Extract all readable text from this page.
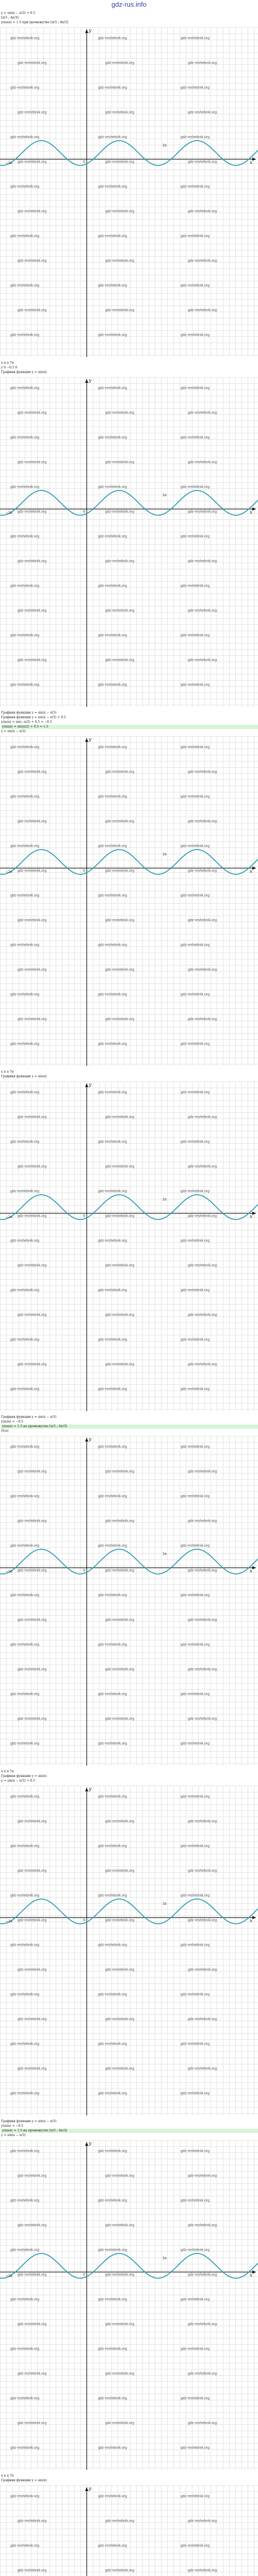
gdz-rus.info
y = sin(x − π/3) + 0.5
[π/3 ; 4π/3]
y(max) = 1.5 при промежутке [π/3 ; 4π/3]
x
y
0
2π
−2π
gdz-reshebnik.org	gdz-reshebnik.org	gdz-reshebnik.org
gdz-reshebnik.org	gdz-reshebnik.org	gdz-reshebnik.org
gdz-reshebnik.org	gdz-reshebnik.org	gdz-reshebnik.org
gdz-reshebnik.org	gdz-reshebnik.org	gdz-reshebnik.org
gdz-reshebnik.org	gdz-reshebnik.org	gdz-reshebnik.org
gdz-reshebnik.org	gdz-reshebnik.org	gdz-reshebnik.org
gdz-reshebnik.org	gdz-reshebnik.org	gdz-reshebnik.org
gdz-reshebnik.org	gdz-reshebnik.org	gdz-reshebnik.org
gdz-reshebnik.org	gdz-reshebnik.org	gdz-reshebnik.org
gdz-reshebnik.org	gdz-reshebnik.org	gdz-reshebnik.org
gdz-reshebnik.org	gdz-reshebnik.org	gdz-reshebnik.org
gdz-reshebnik.org	gdz-reshebnik.org	gdz-reshebnik.org
gdz-reshebnik.org	gdz-reshebnik.org	gdz-reshebnik.org
x π π 7π
y 0 −0.5 0
Графики функции y = sin(x)
x
y
0
2π
−2π
gdz-reshebnik.org	gdz-reshebnik.org	gdz-reshebnik.org
gdz-reshebnik.org	gdz-reshebnik.org	gdz-reshebnik.org
gdz-reshebnik.org	gdz-reshebnik.org	gdz-reshebnik.org
gdz-reshebnik.org	gdz-reshebnik.org	gdz-reshebnik.org
gdz-reshebnik.org	gdz-reshebnik.org	gdz-reshebnik.org
gdz-reshebnik.org	gdz-reshebnik.org	gdz-reshebnik.org
gdz-reshebnik.org	gdz-reshebnik.org	gdz-reshebnik.org
gdz-reshebnik.org	gdz-reshebnik.org	gdz-reshebnik.org
gdz-reshebnik.org	gdz-reshebnik.org	gdz-reshebnik.org
gdz-reshebnik.org	gdz-reshebnik.org	gdz-reshebnik.org
gdz-reshebnik.org	gdz-reshebnik.org	gdz-reshebnik.org
gdz-reshebnik.org	gdz-reshebnik.org	gdz-reshebnik.org
gdz-reshebnik.org	gdz-reshebnik.org	gdz-reshebnik.org
Графики функции y = sin(x − π/3)
Графики функции y = sin(x − π/3) + 0.5
y(min) = sin(−π/2) + 0.5 = −0.5
y(max) = sin(π/2) + 0.5 = 1.5
y = sin(x − π/3)
x
y
0
2π
−2π
gdz-reshebnik.org	gdz-reshebnik.org	gdz-reshebnik.org
gdz-reshebnik.org	gdz-reshebnik.org	gdz-reshebnik.org
gdz-reshebnik.org	gdz-reshebnik.org	gdz-reshebnik.org
gdz-reshebnik.org	gdz-reshebnik.org	gdz-reshebnik.org
gdz-reshebnik.org	gdz-reshebnik.org	gdz-reshebnik.org
gdz-reshebnik.org	gdz-reshebnik.org	gdz-reshebnik.org
gdz-reshebnik.org	gdz-reshebnik.org	gdz-reshebnik.org
gdz-reshebnik.org	gdz-reshebnik.org	gdz-reshebnik.org
gdz-reshebnik.org	gdz-reshebnik.org	gdz-reshebnik.org
gdz-reshebnik.org	gdz-reshebnik.org	gdz-reshebnik.org
gdz-reshebnik.org	gdz-reshebnik.org	gdz-reshebnik.org
gdz-reshebnik.org	gdz-reshebnik.org	gdz-reshebnik.org
gdz-reshebnik.org	gdz-reshebnik.org	gdz-reshebnik.org
x π π 7π
Графики функции y = sin(x)
x
y
0
2π
−2π
gdz-reshebnik.org	gdz-reshebnik.org	gdz-reshebnik.org
gdz-reshebnik.org	gdz-reshebnik.org	gdz-reshebnik.org
gdz-reshebnik.org	gdz-reshebnik.org	gdz-reshebnik.org
gdz-reshebnik.org	gdz-reshebnik.org	gdz-reshebnik.org
gdz-reshebnik.org	gdz-reshebnik.org	gdz-reshebnik.org
gdz-reshebnik.org	gdz-reshebnik.org	gdz-reshebnik.org
gdz-reshebnik.org	gdz-reshebnik.org	gdz-reshebnik.org
gdz-reshebnik.org	gdz-reshebnik.org	gdz-reshebnik.org
gdz-reshebnik.org	gdz-reshebnik.org	gdz-reshebnik.org
gdz-reshebnik.org	gdz-reshebnik.org	gdz-reshebnik.org
gdz-reshebnik.org	gdz-reshebnik.org	gdz-reshebnik.org
gdz-reshebnik.org	gdz-reshebnik.org	gdz-reshebnik.org
gdz-reshebnik.org	gdz-reshebnik.org	gdz-reshebnik.org
Графики функции y = sin(x − π/3)
y(min) = −0.5
y(max) = 1.5 на промежутке [π/3 ; 4π/3]
(0;π)
x
y
0
2π
−2π
gdz-reshebnik.org	gdz-reshebnik.org	gdz-reshebnik.org
gdz-reshebnik.org	gdz-reshebnik.org	gdz-reshebnik.org
gdz-reshebnik.org	gdz-reshebnik.org	gdz-reshebnik.org
gdz-reshebnik.org	gdz-reshebnik.org	gdz-reshebnik.org
gdz-reshebnik.org	gdz-reshebnik.org	gdz-reshebnik.org
gdz-reshebnik.org	gdz-reshebnik.org	gdz-reshebnik.org
gdz-reshebnik.org	gdz-reshebnik.org	gdz-reshebnik.org
gdz-reshebnik.org	gdz-reshebnik.org	gdz-reshebnik.org
gdz-reshebnik.org	gdz-reshebnik.org	gdz-reshebnik.org
gdz-reshebnik.org	gdz-reshebnik.org	gdz-reshebnik.org
gdz-reshebnik.org	gdz-reshebnik.org	gdz-reshebnik.org
gdz-reshebnik.org	gdz-reshebnik.org	gdz-reshebnik.org
gdz-reshebnik.org	gdz-reshebnik.org	gdz-reshebnik.org
x π π 7π
Графики функции y = sin(x)
y = sin(x − π/3) + 0.5
x
y
0
2π
−2π
gdz-reshebnik.org	gdz-reshebnik.org	gdz-reshebnik.org
gdz-reshebnik.org	gdz-reshebnik.org	gdz-reshebnik.org
gdz-reshebnik.org	gdz-reshebnik.org	gdz-reshebnik.org
gdz-reshebnik.org	gdz-reshebnik.org	gdz-reshebnik.org
gdz-reshebnik.org	gdz-reshebnik.org	gdz-reshebnik.org
gdz-reshebnik.org	gdz-reshebnik.org	gdz-reshebnik.org
gdz-reshebnik.org	gdz-reshebnik.org	gdz-reshebnik.org
gdz-reshebnik.org	gdz-reshebnik.org	gdz-reshebnik.org
gdz-reshebnik.org	gdz-reshebnik.org	gdz-reshebnik.org
gdz-reshebnik.org	gdz-reshebnik.org	gdz-reshebnik.org
gdz-reshebnik.org	gdz-reshebnik.org	gdz-reshebnik.org
gdz-reshebnik.org	gdz-reshebnik.org	gdz-reshebnik.org
gdz-reshebnik.org	gdz-reshebnik.org	gdz-reshebnik.org
Графики функции y = sin(x − π/3)
y(min) = −0.5
y(max) = 1.5 на промежутке [π/3 ; 4π/3]
y = sin(x − π/3)
x
y
0
2π
−2π
gdz-reshebnik.org	gdz-reshebnik.org	gdz-reshebnik.org
gdz-reshebnik.org	gdz-reshebnik.org	gdz-reshebnik.org
gdz-reshebnik.org	gdz-reshebnik.org	gdz-reshebnik.org
gdz-reshebnik.org	gdz-reshebnik.org	gdz-reshebnik.org
gdz-reshebnik.org	gdz-reshebnik.org	gdz-reshebnik.org
gdz-reshebnik.org	gdz-reshebnik.org	gdz-reshebnik.org
gdz-reshebnik.org	gdz-reshebnik.org	gdz-reshebnik.org
gdz-reshebnik.org	gdz-reshebnik.org	gdz-reshebnik.org
gdz-reshebnik.org	gdz-reshebnik.org	gdz-reshebnik.org
gdz-reshebnik.org	gdz-reshebnik.org	gdz-reshebnik.org
gdz-reshebnik.org	gdz-reshebnik.org	gdz-reshebnik.org
gdz-reshebnik.org	gdz-reshebnik.org	gdz-reshebnik.org
gdz-reshebnik.org	gdz-reshebnik.org	gdz-reshebnik.org
x π π 7π
Графики функции y = sin(x)
y
gdz-reshebnik.org	gdz-reshebnik.org	gdz-reshebnik.org
gdz-reshebnik.org	gdz-reshebnik.org	gdz-reshebnik.org
gdz-reshebnik.org	gdz-reshebnik.org	gdz-reshebnik.org
gdz-reshebnik.org	gdz-reshebnik.org	gdz-reshebnik.org
